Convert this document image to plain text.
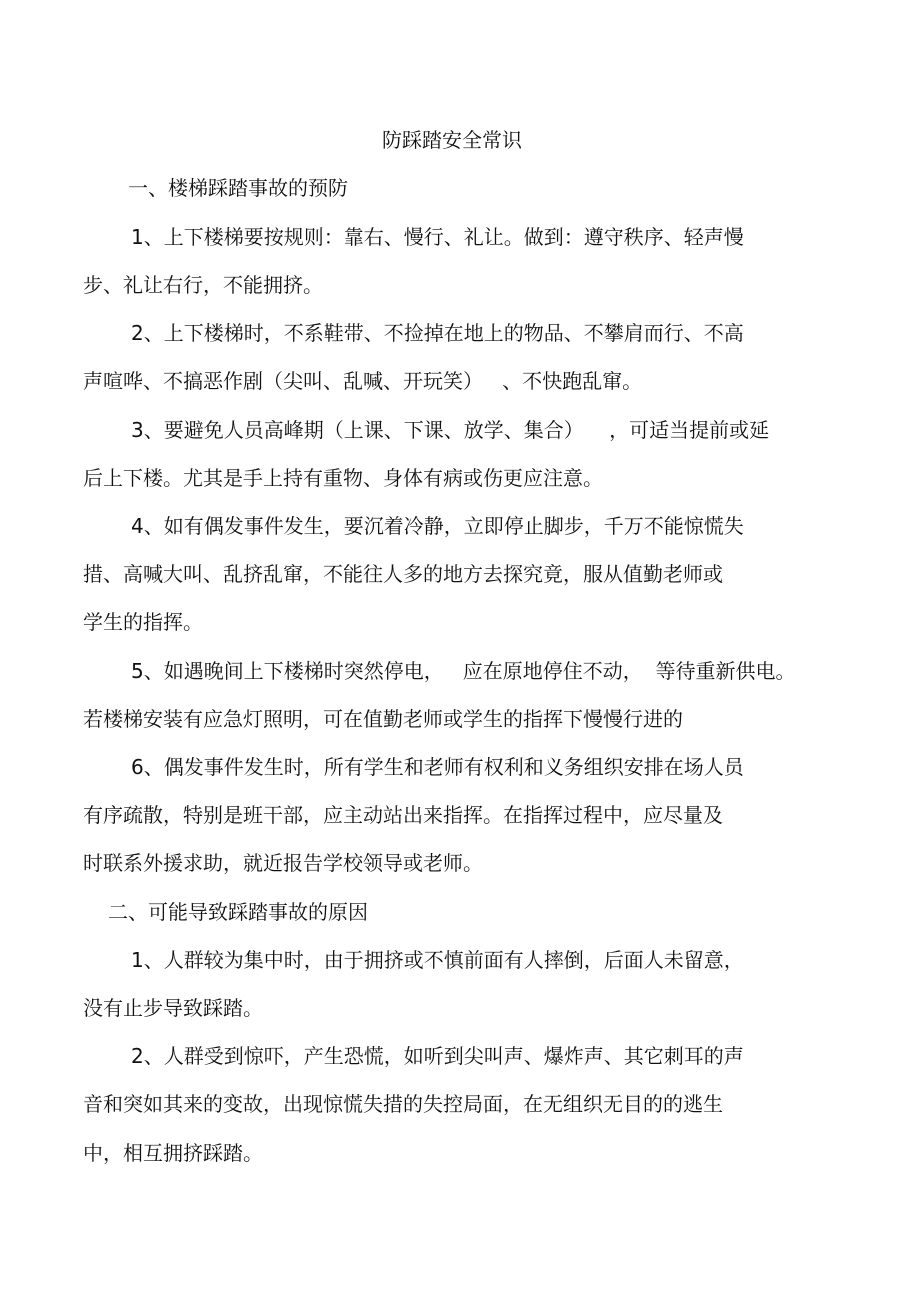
防踩踏安全常识

一、楼梯踩踏事故的预防

1、上下楼梯要按规则：靠右、慢行、礼让。做到：遵守秩序、轻声慢

步、礼让右行，不能拥挤。

2、上下楼梯时，不系鞋带、不捡掉在地上的物品、不攀肩而行、不高

声喧哗、不搞恶作剧（尖叫、乱喊、开玩笑）   、不快跑乱窜。

3、要避免人员高峰期（上课、下课、放学、集合）    ，可适当提前或延

后上下楼。尤其是手上持有重物、身体有病或伤更应注意。

4、如有偶发事件发生，要沉着冷静，立即停止脚步，千万不能惊慌失

措、高喊大叫、乱挤乱窜，不能往人多的地方去探究竟，服从值勤老师或

学生的指挥。

5、如遇晚间上下楼梯时突然停电，   应在原地停住不动，  等待重新供电。

若楼梯安装有应急灯照明，可在值勤老师或学生的指挥下慢慢行进的

6、偶发事件发生时，所有学生和老师有权利和义务组织安排在场人员

有序疏散，特别是班干部，应主动站出来指挥。在指挥过程中，应尽量及

时联系外援求助，就近报告学校领导或老师。

二、可能导致踩踏事故的原因

1、人群较为集中时，由于拥挤或不慎前面有人摔倒，后面人未留意，

没有止步导致踩踏。

2、人群受到惊吓，产生恐慌，如听到尖叫声、爆炸声、其它刺耳的声

音和突如其来的变故，出现惊慌失措的失控局面，在无组织无目的的逃生

中，相互拥挤踩踏。
